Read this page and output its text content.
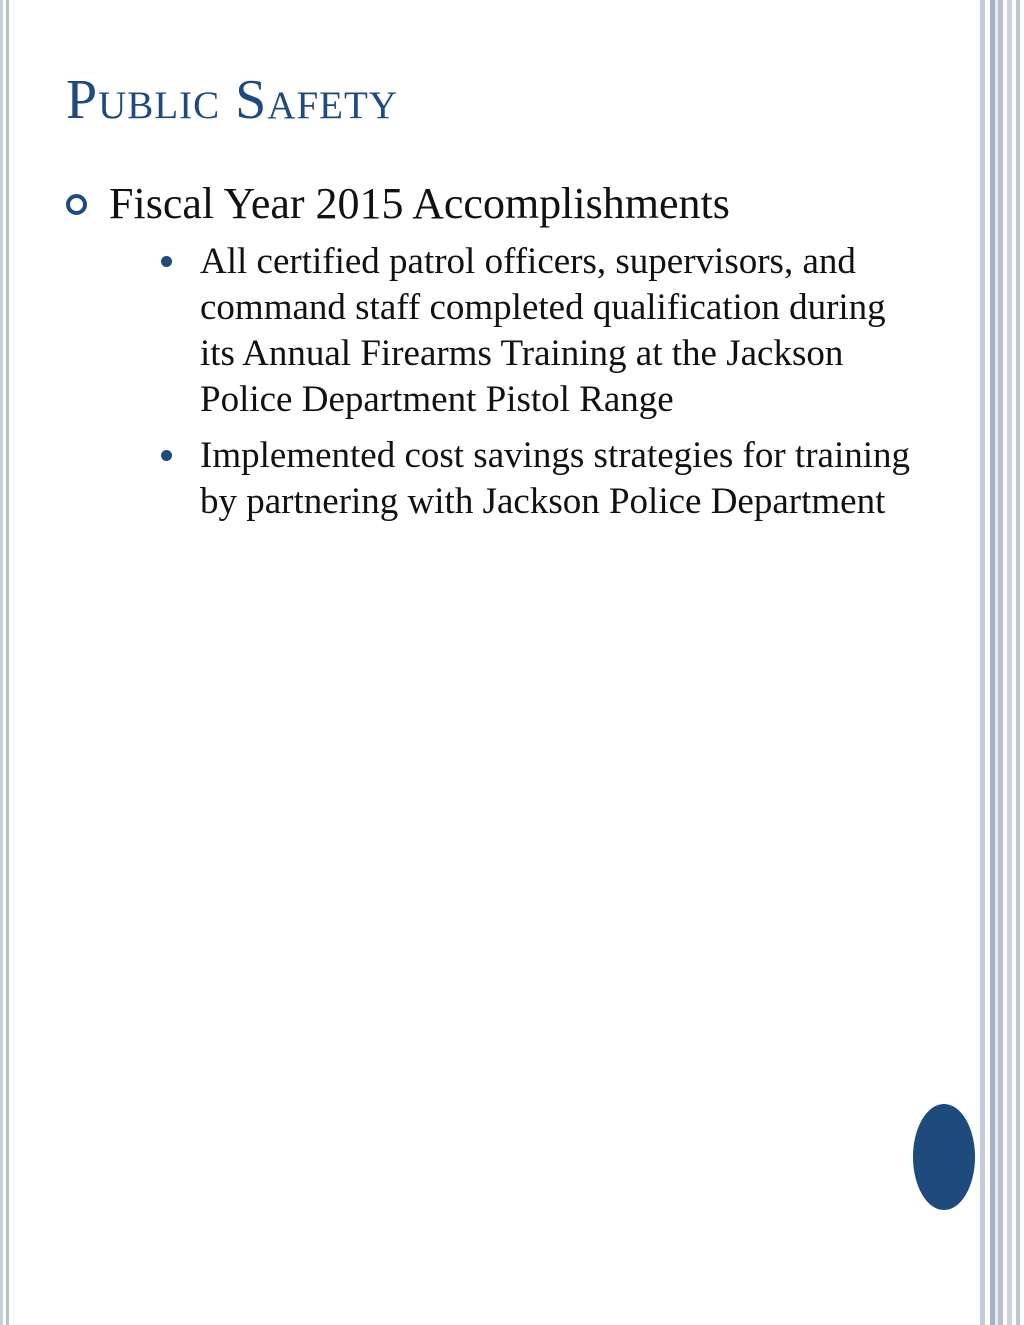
Public Safety
Fiscal Year 2015 Accomplishments
All certified patrol officers, supervisors, and command staff completed qualification during its Annual Firearms Training at the Jackson Police Department Pistol Range
Implemented cost savings strategies for training by partnering with Jackson Police Department
